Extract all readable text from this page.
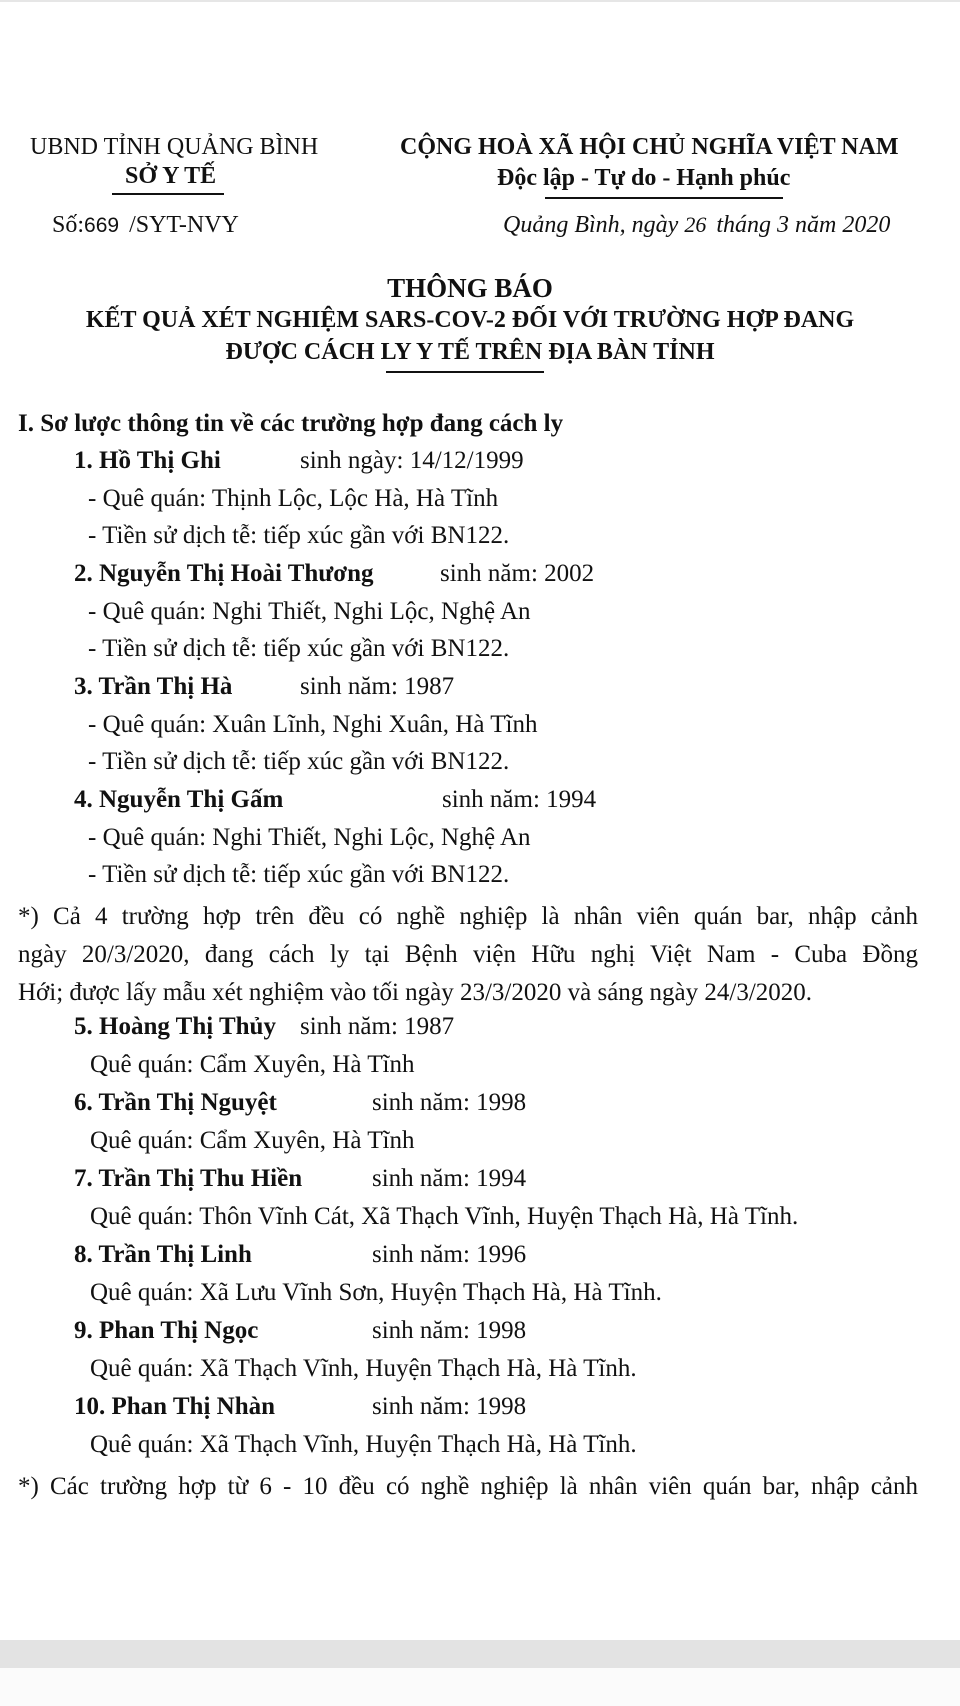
UBND TỈNH QUẢNG BÌNH
SỞ Y TẾ
CỘNG HOÀ XÃ HỘI CHỦ NGHĨA VIỆT NAM
Độc lập - Tự do - Hạnh phúc
Số:669 /SYT-NVY	Quảng Bình, ngày 26 tháng 3 năm 2020
THÔNG BÁO
KẾT QUẢ XÉT NGHIỆM SARS-COV-2 ĐỐI VỚI TRƯỜNG HỢP ĐANG
ĐƯỢC CÁCH LY Y TẾ TRÊN ĐỊA BÀN TỈNH
I. Sơ lược thông tin về các trường hợp đang cách ly
1. Hồ Thị Ghi	sinh ngày: 14/12/1999
- Quê quán: Thịnh Lộc, Lộc Hà, Hà Tĩnh
- Tiền sử dịch tễ: tiếp xúc gần với BN122.
2. Nguyễn Thị Hoài Thương	sinh năm: 2002
- Quê quán: Nghi Thiết, Nghi Lộc, Nghệ An
- Tiền sử dịch tễ: tiếp xúc gần với BN122.
3. Trần Thị Hà	sinh năm: 1987
- Quê quán: Xuân Lĩnh, Nghi Xuân, Hà Tĩnh
- Tiền sử dịch tễ: tiếp xúc gần với BN122.
4. Nguyễn Thị Gấm	sinh năm: 1994
- Quê quán: Nghi Thiết, Nghi Lộc, Nghệ An
- Tiền sử dịch tễ: tiếp xúc gần với BN122.
*) Cả 4 trường hợp trên đều có nghề nghiệp là nhân viên quán bar, nhập cảnh
ngày 20/3/2020, đang cách ly tại Bệnh viện Hữu nghị Việt Nam - Cuba Đồng
Hới; được lấy mẫu xét nghiệm vào tối ngày 23/3/2020 và sáng ngày 24/3/2020.
5. Hoàng Thị Thủy sinh năm: 1987
Quê quán: Cẩm Xuyên, Hà Tĩnh
6. Trần Thị Nguyệt	sinh năm: 1998
Quê quán: Cẩm Xuyên, Hà Tĩnh
7. Trần Thị Thu Hiền	sinh năm: 1994
Quê quán: Thôn Vĩnh Cát, Xã Thạch Vĩnh, Huyện Thạch Hà, Hà Tĩnh.
8. Trần Thị Linh	sinh năm: 1996
Quê quán: Xã Lưu Vĩnh Sơn, Huyện Thạch Hà, Hà Tĩnh.
9. Phan Thị Ngọc	sinh năm: 1998
Quê quán: Xã Thạch Vĩnh, Huyện Thạch Hà, Hà Tĩnh.
10. Phan Thị Nhàn	sinh năm: 1998
Quê quán: Xã Thạch Vĩnh, Huyện Thạch Hà, Hà Tĩnh.
*) Các trường hợp từ 6 - 10 đều có nghề nghiệp là nhân viên quán bar, nhập cảnh
